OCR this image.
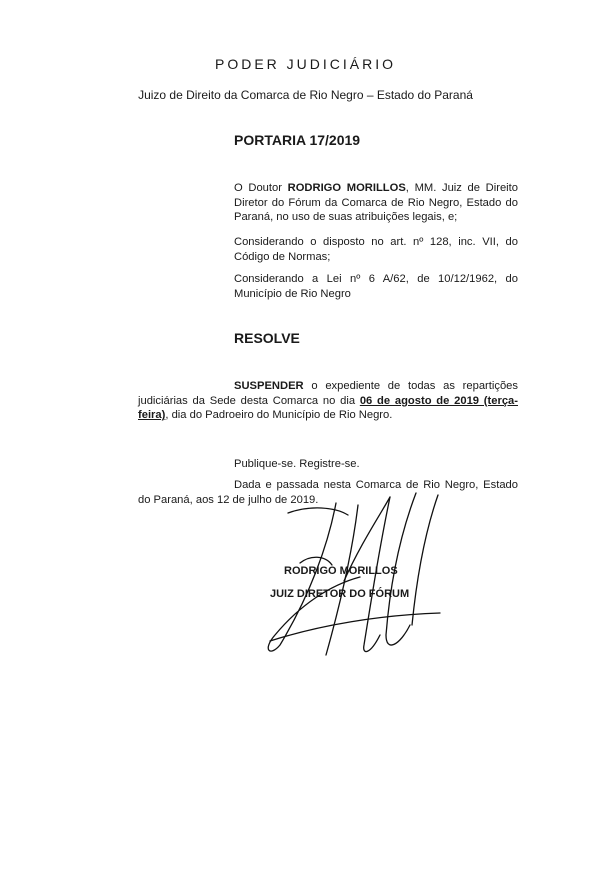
PODER JUDICIÁRIO
Juizo de Direito da Comarca de Rio Negro – Estado do Paraná
PORTARIA 17/2019
O Doutor RODRIGO MORILLOS, MM. Juiz de Direito
Diretor do Fórum da Comarca de Rio Negro, Estado do
Paraná, no uso de suas atribuições legais, e;
Considerando o disposto no art. nº 128, inc. VII, do
Código de Normas;
Considerando a Lei nº 6 A/62, de 10/12/1962, do
Município de Rio Negro
RESOLVE
SUSPENDER o expediente de todas as repartições
judiciárias da Sede desta Comarca no dia 06 de agosto de 2019 (terça-
feira), dia do Padroeiro do Município de Rio Negro.
Publique-se. Registre-se.
Dada e passada nesta Comarca de Rio Negro, Estado
do Paraná, aos 12 de julho de 2019.
RODRIGO MORILLOS
JUIZ DIRETOR DO FÓRUM
